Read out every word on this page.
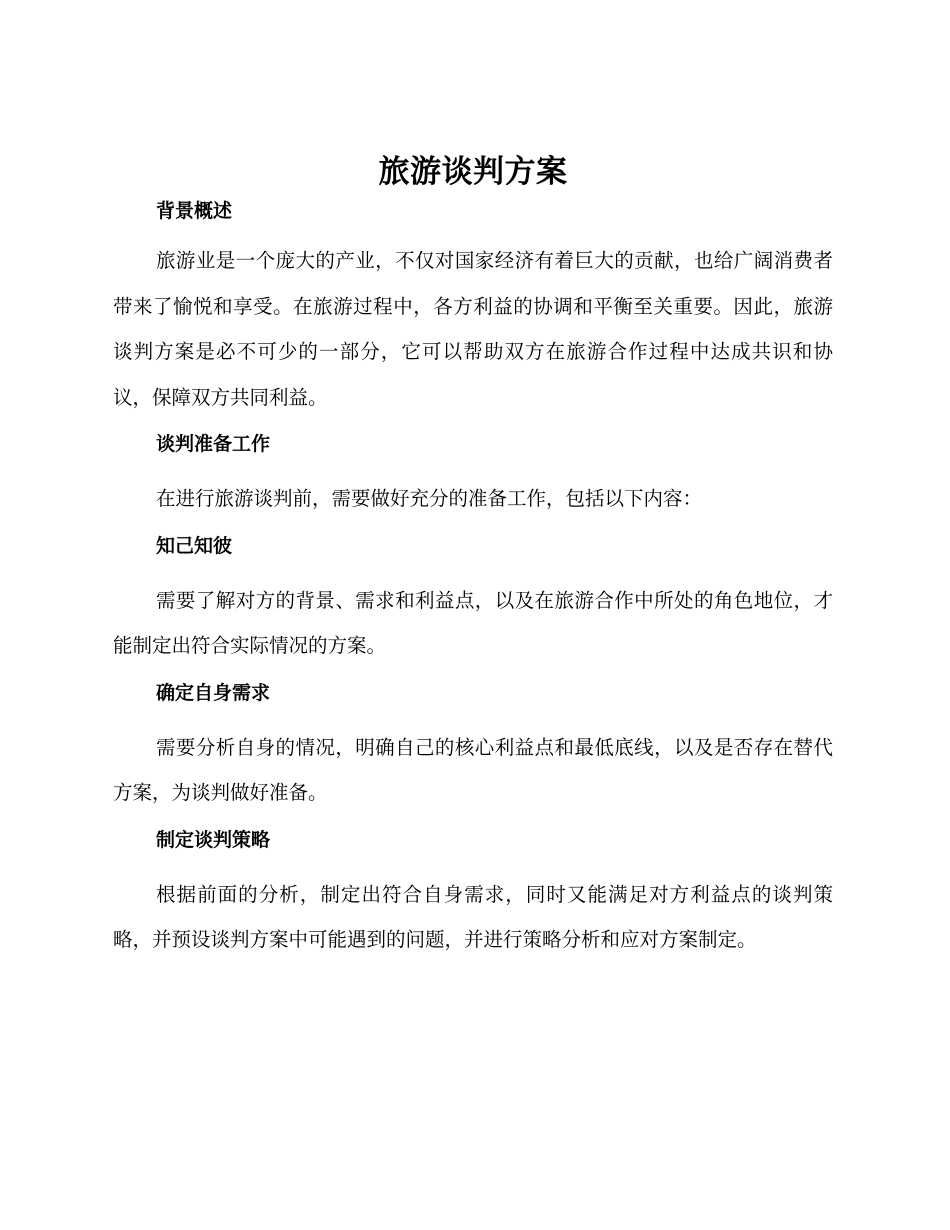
旅游谈判方案
背景概述

旅游业是一个庞大的产业，不仅对国家经济有着巨大的贡献，也给广阔消费者带来了愉悦和享受。在旅游过程中，各方利益的协调和平衡至关重要。因此，旅游谈判方案是必不可少的一部分，它可以帮助双方在旅游合作过程中达成共识和协议，保障双方共同利益。

谈判准备工作

在进行旅游谈判前，需要做好充分的准备工作，包括以下内容：

知己知彼

需要了解对方的背景、需求和利益点，以及在旅游合作中所处的角色地位，才能制定出符合实际情况的方案。

确定自身需求

需要分析自身的情况，明确自己的核心利益点和最低底线，以及是否存在替代方案，为谈判做好准备。

制定谈判策略

根据前面的分析，制定出符合自身需求，同时又能满足对方利益点的谈判策略，并预设谈判方案中可能遇到的问题，并进行策略分析和应对方案制定。
